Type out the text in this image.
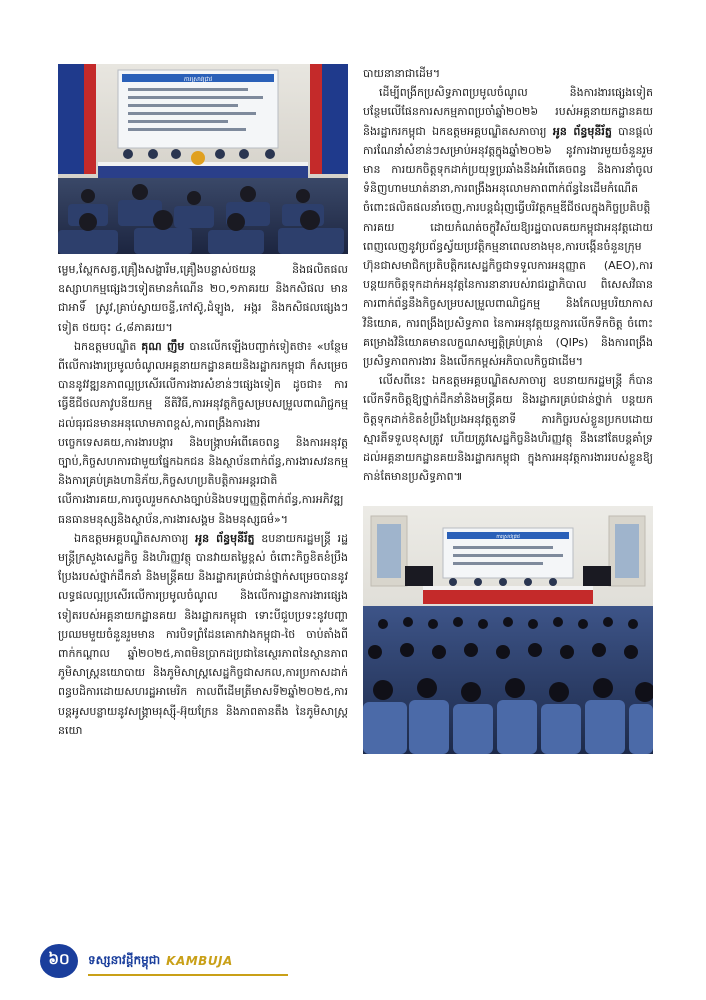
ការស្រាវជ្រាវ

ម្លេម,ស្ពែកសត្វ,គ្រឿងសង្ហារឹម,គ្រឿងបន្លាស់ថយន្ត និងផលិតផលឧស្សាហកម្មផ្សេងៗទៀតមានកំណើន ២០,១ភាគរយ និងកសិផល មានជាអាទិ៍ ស្រូវ,គ្រាប់ស្វាយចន្ទី,កៅស៊ូ,ដំឡូង, អង្ករ និងកសិផលផ្សេងៗទៀត ថយចុះ ៤,៨ភាគរយ។

ឯកឧត្តមបណ្ឌិត គុណ ញឹម បានលើកឡើងបញ្ជាក់ទៀតថា៖ «បន្ថែមពីលើការងារប្រមូលចំណូលអគ្គនាយកដ្ឋានគយនិងរដ្ឋាករកម្ពុជា ក៏សម្រេចបាននូវវឌ្ឍនភាពល្អប្រសើរលើការងារសំខាន់ៗផ្សេងទៀត ដូចជា៖ ការធ្វើឌីជីថលភាវូបនីយកម្ម នីតិវិធី,ការអនុវត្តកិច្ចសម្របសម្រួលពាណិជ្ជកម្មដល់ធុរជនមានអនុលោមភាពខ្ពស់,ការពង្រឹងការងារបច្ចេកទេសគយ,ការងារបង្ការ និងបង្ក្រាបអំពើគេចពន្ធ និងការអនុវត្តច្បាប់,កិច្ចសហការជាមួយផ្នែកឯកជន និងស្ថាប័នពាក់ព័ន្ធ,ការងារសវនកម្មនិងការគ្រប់គ្រងហានិភ័យ,កិច្ចសហប្រតិបត្តិការអន្តរជាតិលើការងារគយ,ការចូលរួមកសាងច្បាប់និងបទប្បញ្ញត្តិពាក់ព័ន្ធ,ការអភិវឌ្ឍធនធានមនុស្សនិងស្ថាប័ន,ការងារសង្គម និងមនុស្សធម៌»។

ឯកឧត្តមអគ្គបណ្ឌិតសភាចារ្យ អូន ព័ន្ធមុនីរ័ត្ន ឧបនាយករដ្ឋមន្ត្រី រដ្ឋមន្ត្រីក្រសួងសេដ្ឋកិច្ច និងហិរញ្ញវត្ថុ បានវាយតម្លៃខ្ពស់ ចំពោះកិច្ចខិតខំប្រឹងប្រែងរបស់ថ្នាក់ដឹកនាំ និងមន្ត្រីគយ និងរដ្ឋាករគ្រប់ជាន់ថ្នាក់សម្រេចបាននូវលទ្ធផលល្អប្រសើរលើការប្រមូលចំណូល និងលើការដ្ឋានការងារផ្សេងទៀតរបស់អគ្គនាយកដ្ឋានគយ និងរដ្ឋាករកម្ពុជា ទោះបីជួបប្រទះនូវបញ្ហាប្រឈមមួយចំនួនរួមមាន ការបិទព្រំដែនគោកវាងកម្ពុជា-ថៃ ចាប់តាំងពីពាក់កណ្តាល ឆ្នាំ២០២៥,ភាពមិនប្រាកដប្រជានៃស្ថេរភាពនៃស្ថានភាពភូមិសាស្ត្រនយោបាយ និងភូមិសាស្ត្រសេដ្ឋកិច្ចជាសកល,ការប្រកាសដាក់ពន្ធបដិការដោយសហរដ្ឋអាមេរិក កាលពីដើមត្រីមាសទី២ឆ្នាំ២០២៥,ការបន្តអូសបន្លាយនូវសង្គ្រាមរុស្ស៊ី-អ៊ុយក្រែន និងភាពតានតឹង នៃភូមិសាស្ត្រនយោ

បាយនានាជាដើម។

ដើម្បីពង្រីកប្រសិទ្ធភាពប្រមូលចំណូល និងការងារផ្សេងទៀត បន្ថែមលើផែនការសកម្មភាពប្រចាំឆ្នាំ២០២៦ របស់អគ្គនាយកដ្ឋានគយ និងរដ្ឋាករកម្ពុជា ឯកឧត្តមអគ្គបណ្ឌិតសភាចារ្យ អូន ព័ន្ធមុនីរ័ត្ន បានផ្តល់ការណែនាំសំខាន់ៗសម្រាប់អនុវត្តក្នុងឆ្នាំ២០២៦ នូវការងារមួយចំនួនរួមមាន ការយកចិត្តទុកដាក់ប្រយុទ្ធប្រឆាំងនឹងអំពើគេចពន្ធ និងការនាំចូលទំនិញហាមឃាត់នានា,ការពង្រឹងអនុលោមភាពពាក់ព័ន្ធនៃដើមកំណើតចំពោះផលិតផលនាំចេញ,ការបន្តជំរុញធ្វើបរិវត្តកម្មឌីជីថលក្នុងកិច្ចប្រតិបត្តិការគយ ដោយកំណត់ចក្ខុវិស័យឱ្យរដ្ឋបាលគយកម្ពុជាអនុវត្តដោយពេញលេញនូវប្រព័ន្ធស្វ័យប្រវត្តិកម្មនាពេលខាងមុខ,ការបង្កើនចំនួនក្រុមហ៊ុនជាសមាជិកប្រតិបត្តិករសេដ្ឋកិច្ចជាទទួលការអនុញ្ញាត (AEO),ការបន្តយកចិត្តទុកដាក់អនុវត្តនៃការនានារបស់រាជរដ្ឋាភិបាល ពិសេសវិធានការពាក់ព័ន្ធនឹងកិច្ចសម្របសម្រួលពាណិជ្ជកម្ម និងកែលម្អបរិយាកាសវិនិយោគ, ការពង្រឹងប្រសិទ្ធភាព នៃការអនុវត្តយន្តការលើកទឹកចិត្ត ចំពោះគម្រោងវិនិយោគមានលក្ខណសម្បត្តិគ្រប់គ្រាន់ (QIPs) និងការពង្រឹងប្រសិទ្ធភាពការងារ និងលើកកម្ពស់អភិបាលកិច្ចជាដើម។

លើសពីនេះ ឯកឧត្តមអគ្គបណ្ឌិតសភាចារ្យ ឧបនាយករដ្ឋមន្ត្រី ក៏បានលើកទឹកចិត្តឱ្យថ្នាក់ដឹកនាំនិងមន្ត្រីគយ និងរដ្ឋាករគ្រប់ជាន់ថ្នាក់ បន្តយកចិត្តទុកដាក់ខិតខំប្រឹងប្រែងអនុវត្តតួនាទី ភារកិច្ចរបស់ខ្លួនប្រកបដោយស្មារតីទទួលខុសត្រូវ ហើយត្រូវសេដ្ឋកិច្ចនិងហិរញ្ញវត្ថុ នឹងនៅតែបន្តគាំទ្រដល់អគ្គនាយកដ្ឋានគយនិងរដ្ឋាករកម្ពុជា ក្នុងការអនុវត្តការងាររបស់ខ្លួនឱ្យកាន់តែមានប្រសិទ្ធភាព៕

ការស្រាវជ្រាវ
៦០	ទស្សនាវដ្តីកម្ពុជា KAMBUJA
